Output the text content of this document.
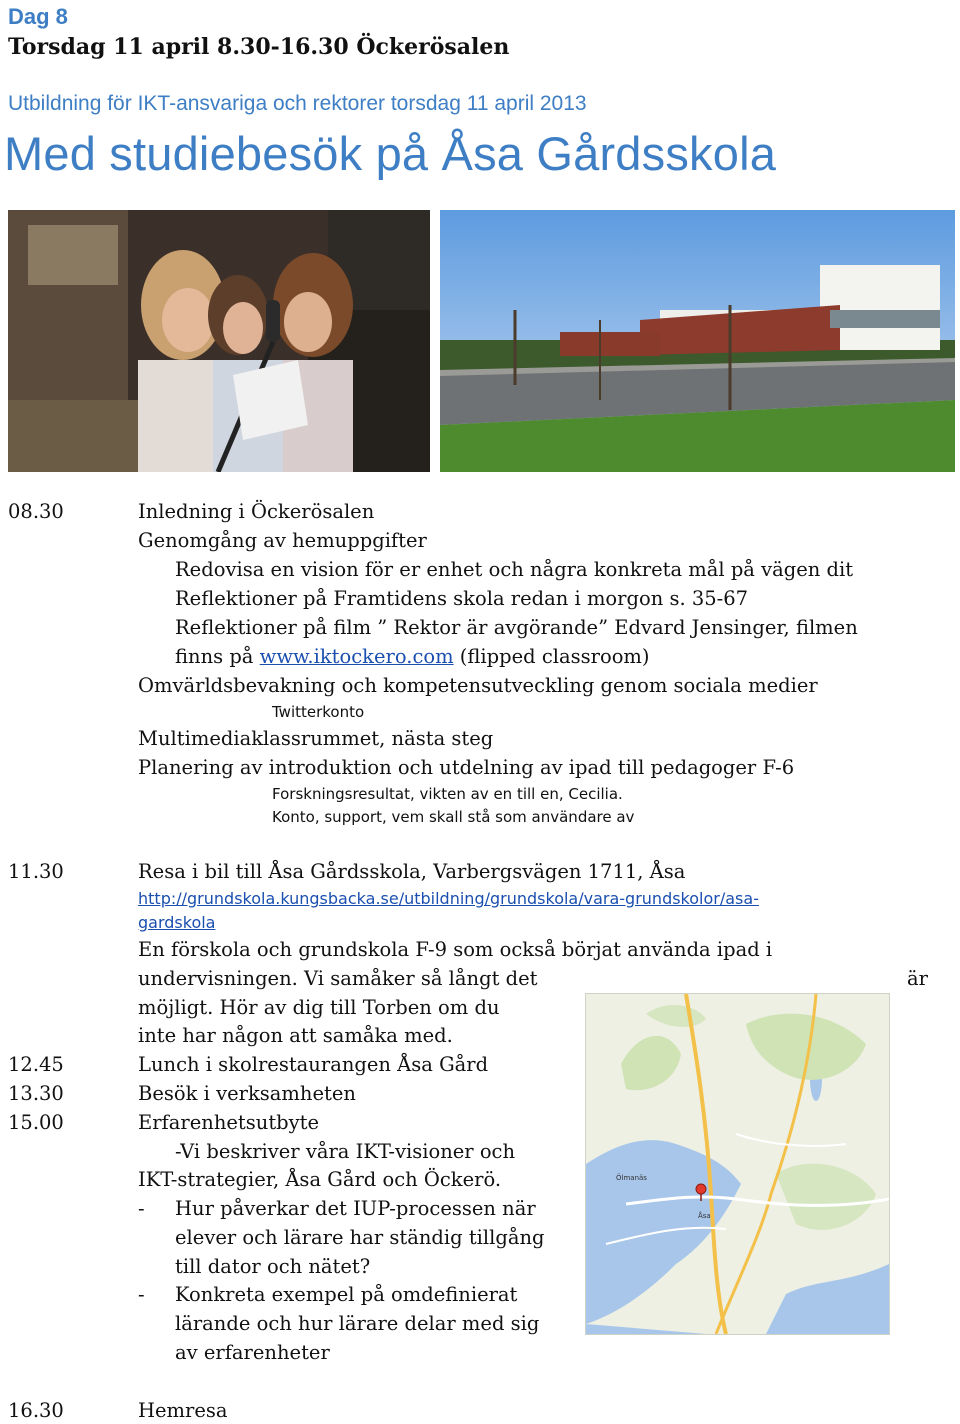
Dag 8
Torsdag 11 april 8.30-16.30 Öckerösalen
Utbildning för IKT-ansvariga och rektorer torsdag 11 april 2013
Med studiebesök på Åsa Gårdsskola
08.30	Inledning i Öckerösalen
Genomgång av hemuppgifter
Redovisa en vision för er enhet och några konkreta mål på vägen dit
Reflektioner på Framtidens skola redan i morgon s. 35-67
Reflektioner på film ” Rektor är avgörande” Edvard Jensinger, filmen
finns på www.iktockero.com (flipped classroom)
Omvärldsbevakning och kompetensutveckling genom sociala medier
Twitterkonto
Multimediaklassrummet, nästa steg
Planering av introduktion och utdelning av ipad till pedagoger F-6
Forskningsresultat, vikten av en till en, Cecilia.
Konto, support, vem skall stå som användare av
11.30	Resa i bil till Åsa Gårdsskola, Varbergsvägen 1711, Åsa
http://grundskola.kungsbacka.se/utbildning/grundskola/vara-grundskolor/asa-
gardskola
En förskola och grundskola F-9 som också börjat använda ipad i
undervisningen. Vi samåker så långt det	är
möjligt. Hör av dig till Torben om du
inte har någon att samåka med.
12.45	Lunch i skolrestaurangen Åsa Gård
13.30	Besök i verksamheten
15.00	Erfarenhetsutbyte
-Vi beskriver våra IKT-visioner och
IKT-strategier, Åsa Gård och Öckerö.
- Hur påverkar det IUP-processen när
elever och lärare har ständig tillgång
till dator och nätet?
- Konkreta exempel på omdefinierat
lärande och hur lärare delar med sig
av erfarenheter
16.30	Hemresa
Ölmanäs
Åsa
